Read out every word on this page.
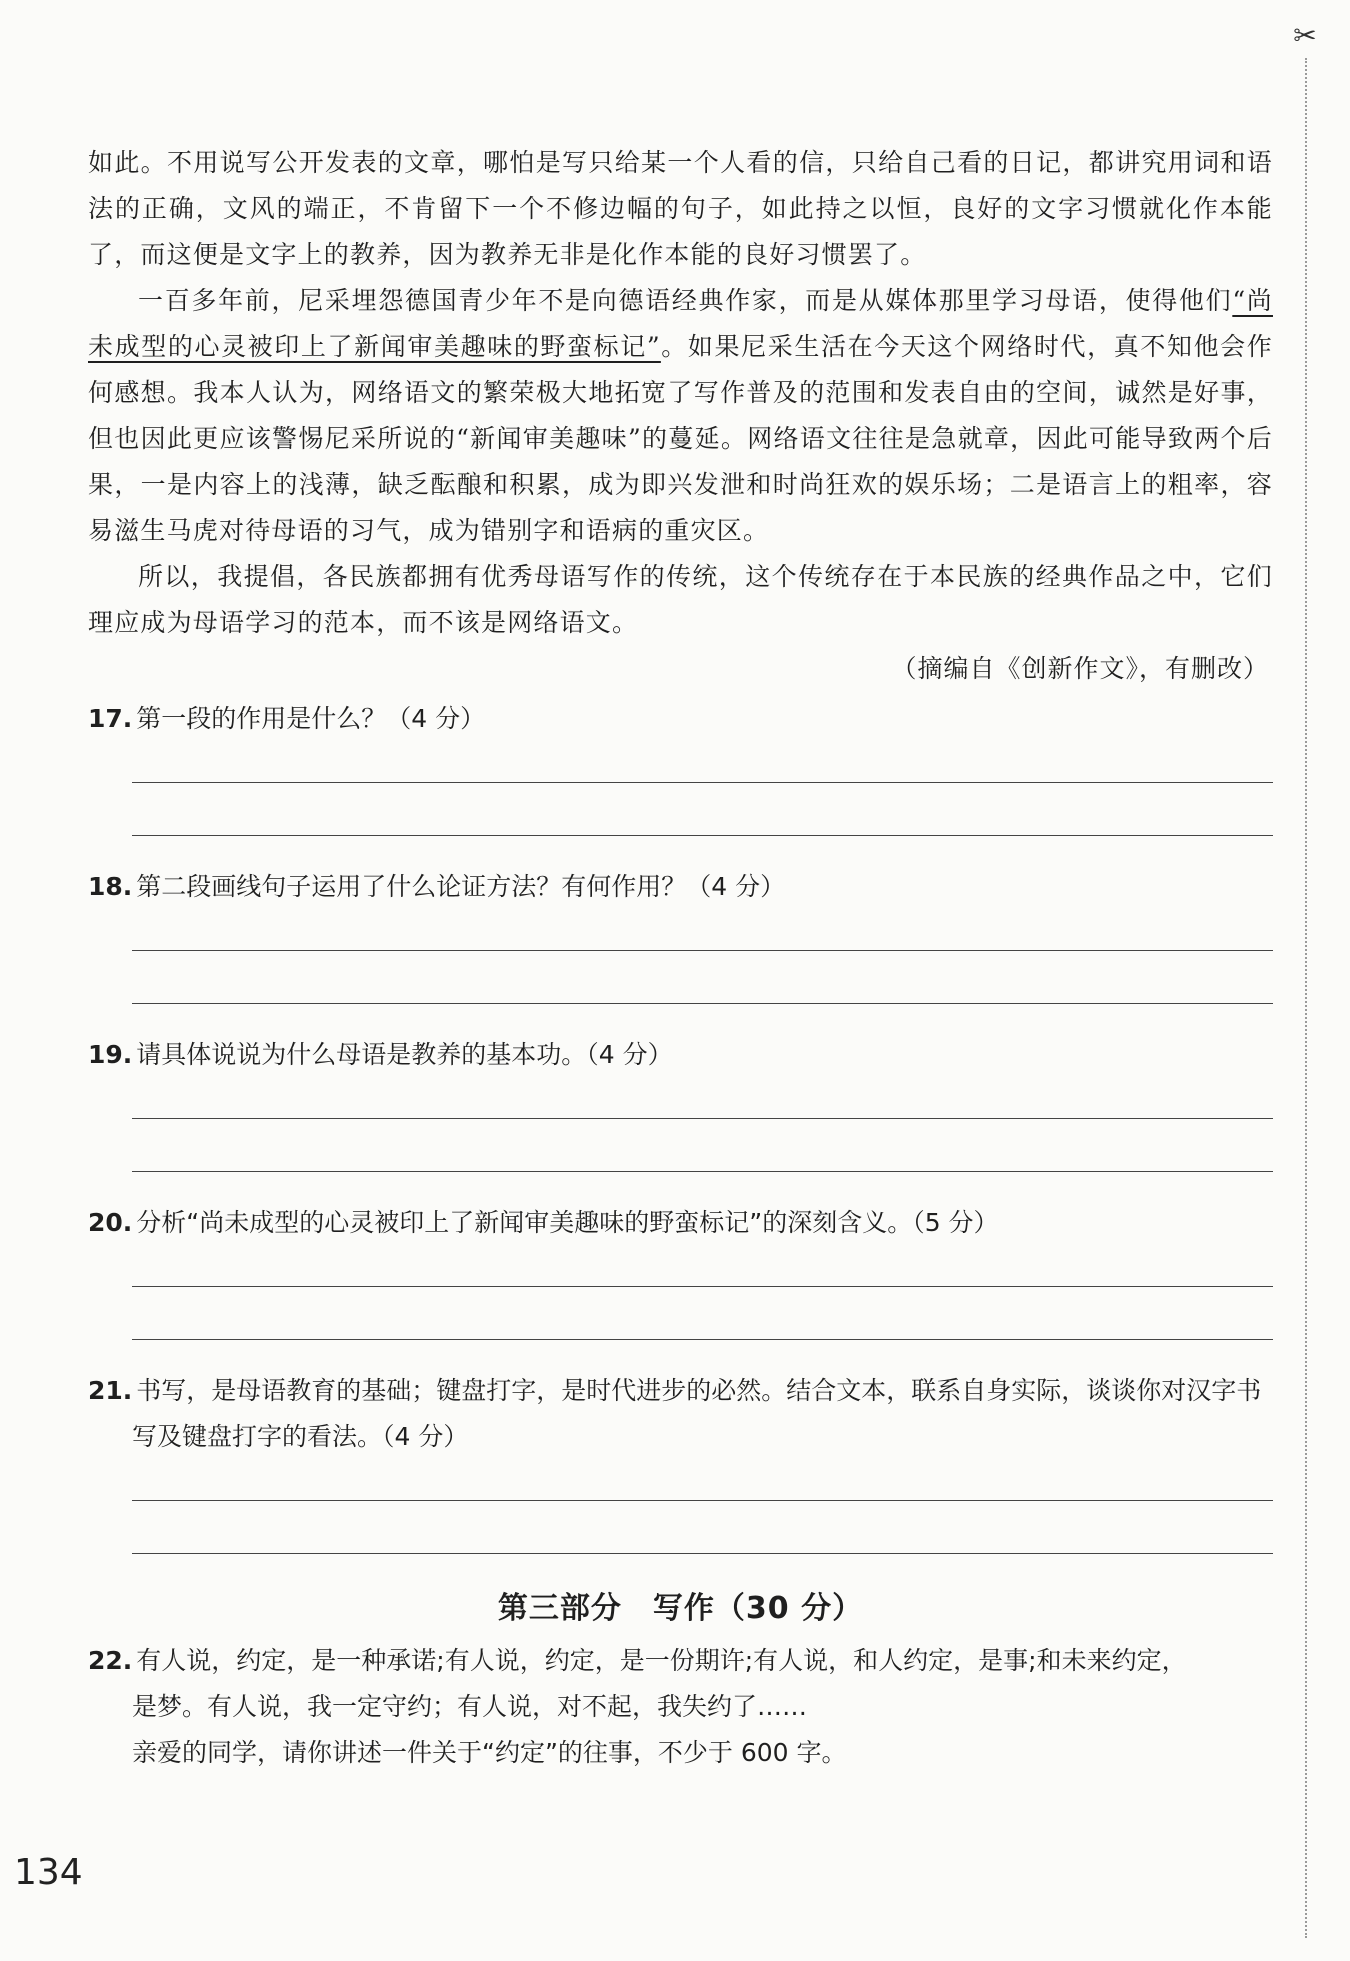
✂

如此。不用说写公开发表的文章，哪怕是写只给某一个人看的信，只给自己看的日记，都讲究用词和语法的正确，文风的端正，不肯留下一个不修边幅的句子，如此持之以恒，良好的文字习惯就化作本能了，而这便是文字上的教养，因为教养无非是化作本能的良好习惯罢了。

一百多年前，尼采埋怨德国青少年不是向德语经典作家，而是从媒体那里学习母语，使得他们“尚未成型的心灵被印上了新闻审美趣味的野蛮标记”。如果尼采生活在今天这个网络时代，真不知他会作何感想。我本人认为，网络语文的繁荣极大地拓宽了写作普及的范围和发表自由的空间，诚然是好事，但也因此更应该警惕尼采所说的“新闻审美趣味”的蔓延。网络语文往往是急就章，因此可能导致两个后果，一是内容上的浅薄，缺乏酝酿和积累，成为即兴发泄和时尚狂欢的娱乐场；二是语言上的粗率，容易滋生马虎对待母语的习气，成为错别字和语病的重灾区。

所以，我提倡，各民族都拥有优秀母语写作的传统，这个传统存在于本民族的经典作品之中，它们理应成为母语学习的范本，而不该是网络语文。

（摘编自《创新作文》，有删改）

17. 第一段的作用是什么？（4 分）

18. 第二段画线句子运用了什么论证方法？有何作用？（4 分）

19. 请具体说说为什么母语是教养的基本功。（4 分）

20. 分析“尚未成型的心灵被印上了新闻审美趣味的野蛮标记”的深刻含义。（5 分）

21. 书写，是母语教育的基础；键盘打字，是时代进步的必然。结合文本，联系自身实际，谈谈你对汉字书写及键盘打字的看法。（4 分）

第三部分　写作（30 分）

22. 有人说，约定，是一种承诺;有人说，约定，是一份期许;有人说，和人约定，是事;和未来约定，

是梦。有人说，我一定守约；有人说，对不起，我失约了……

亲爱的同学，请你讲述一件关于“约定”的往事，不少于 600 字。

134
